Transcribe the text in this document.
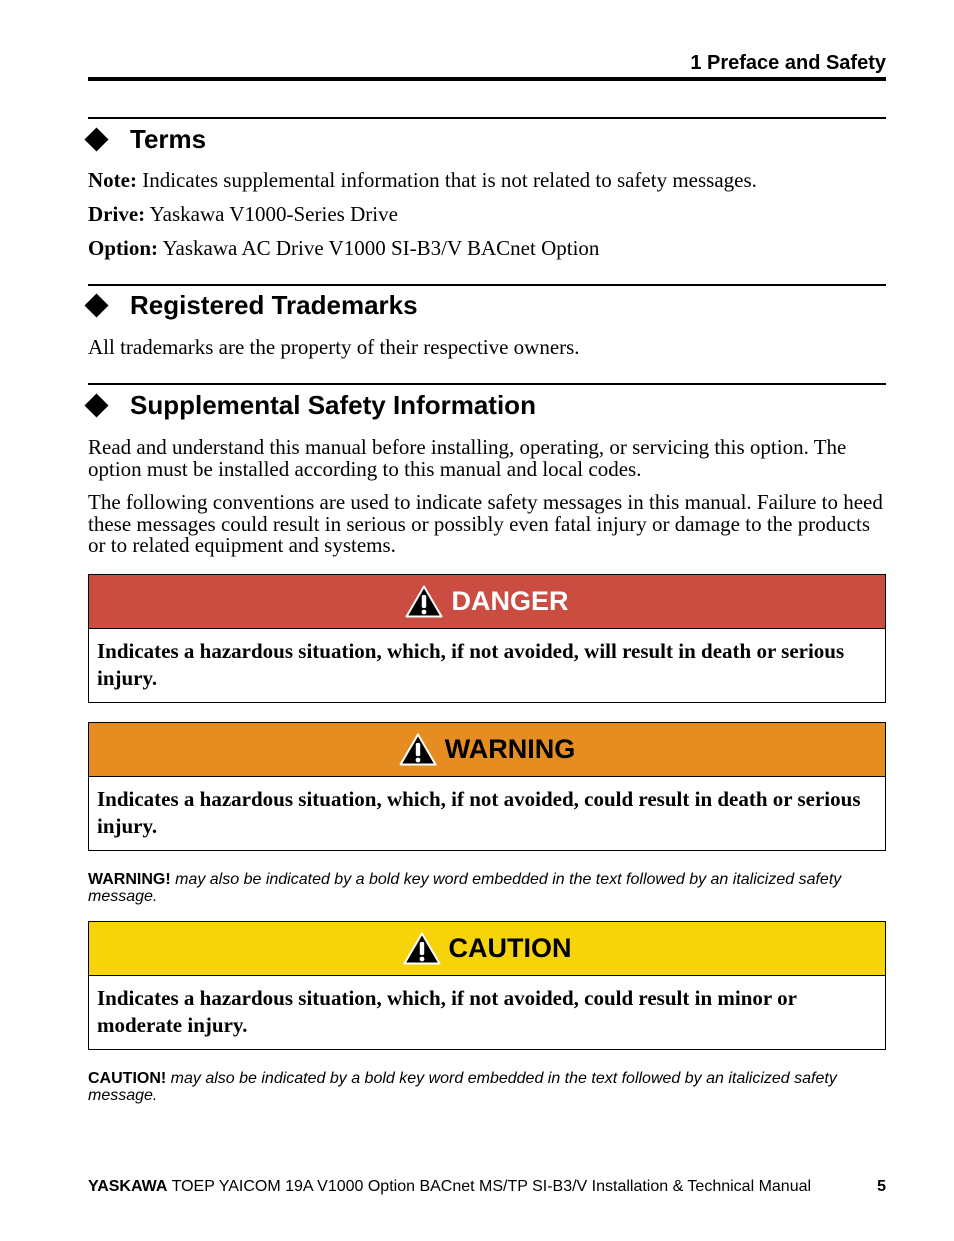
1 Preface and Safety
Terms
Note: Indicates supplemental information that is not related to safety messages.
Drive: Yaskawa V1000-Series Drive
Option: Yaskawa AC Drive V1000 SI-B3/V BACnet Option
Registered Trademarks
All trademarks are the property of their respective owners.
Supplemental Safety Information
Read and understand this manual before installing, operating, or servicing this option. The option must be installed according to this manual and local codes.
The following conventions are used to indicate safety messages in this manual. Failure to heed these messages could result in serious or possibly even fatal injury or damage to the products or to related equipment and systems.
DANGER
Indicates a hazardous situation, which, if not avoided, will result in death or serious injury.
WARNING
Indicates a hazardous situation, which, if not avoided, could result in death or serious injury.
WARNING! may also be indicated by a bold key word embedded in the text followed by an italicized safety message.
CAUTION
Indicates a hazardous situation, which, if not avoided, could result in minor or moderate injury.
CAUTION! may also be indicated by a bold key word embedded in the text followed by an italicized safety message.
YASKAWA TOEP YAICOM 19A V1000 Option BACnet MS/TP SI-B3/V Installation & Technical Manual	5
